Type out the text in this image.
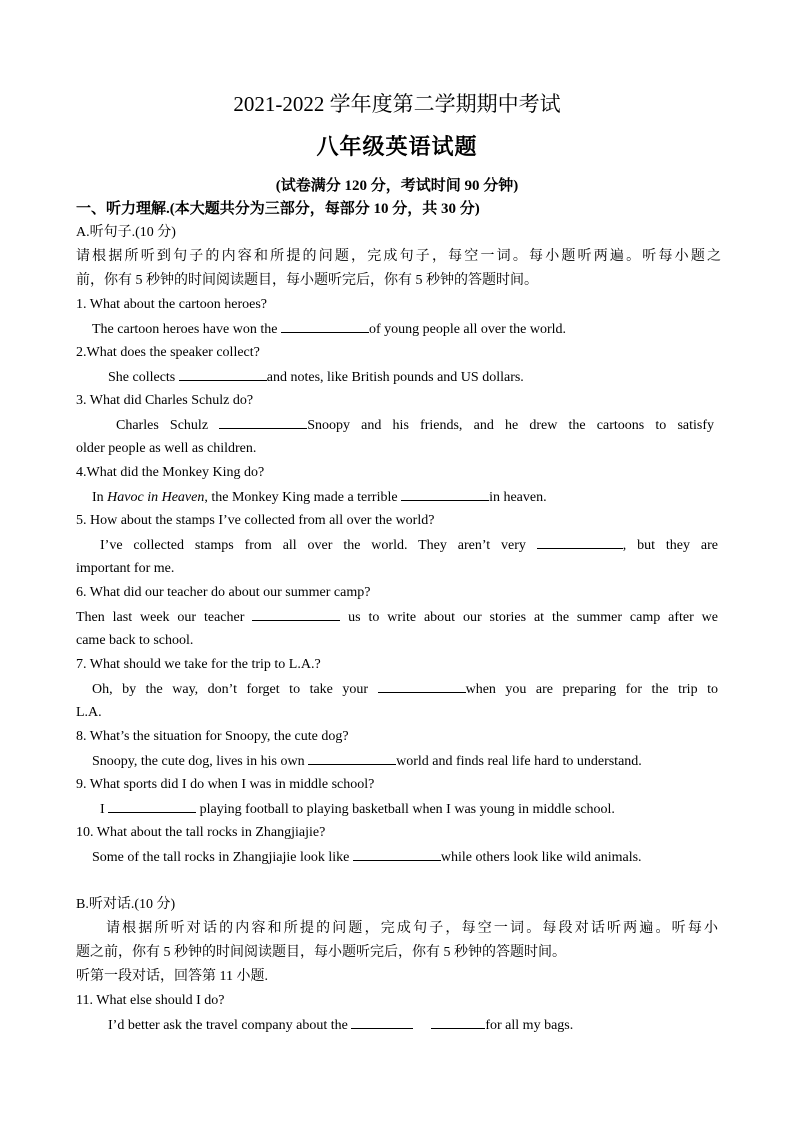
2021-2022 学年度第二学期期中考试
八年级英语试题
(试卷满分 120 分，考试时间 90 分钟)
一、听力理解.(本大题共分为三部分，每部分 10 分，共 30 分)
A.听句子.(10 分)
请根据所听到句子的内容和所提的问题，完成句子，每空一词。每小题听两遍。听每小题之
前，你有 5 秒钟的时间阅读题目，每小题听完后，你有 5 秒钟的答题时间。
1. What about the cartoon heroes?
The cartoon heroes have won the	of young people all over the world.
2.What does the speaker collect?
She collects	and notes, like British pounds and US dollars.
3. What did Charles Schulz do?
Charles Schulz	Snoopy and his friends, and he drew the cartoons to satisfy
older people as well as children.
4.What did the Monkey King do?
In Havoc in Heaven, the Monkey King made a terrible	in heaven.
5. How about the stamps I’ve collected from all over the world?
I’ve collected stamps from all over the world. They aren’t very	, but they are
important for me.
6. What did our teacher do about our summer camp?
Then last week our teacher	us to write about our stories at the summer camp after we
came back to school.
7. What should we take for the trip to L.A.?
Oh, by the way, don’t forget to take your	when you are preparing for the trip to
L.A.
8. What’s the situation for Snoopy, the cute dog?
Snoopy, the cute dog, lives in his own	world and finds real life hard to understand.
9. What sports did I do when I was in middle school?
I	playing football to playing basketball when I was young in middle school.
10. What about the tall rocks in Zhangjiajie?
Some of the tall rocks in Zhangjiajie look like	while others look like wild animals.
B.听对话.(10 分)
请根据所听对话的内容和所提的问题，完成句子，每空一词。每段对话听两遍。听每小
题之前，你有 5 秒钟的时间阅读题目，每小题听完后，你有 5 秒钟的答题时间。
听第一段对话，回答第 11 小题.
11. What else should I do?
I’d better ask the travel company about the	for all my bags.
